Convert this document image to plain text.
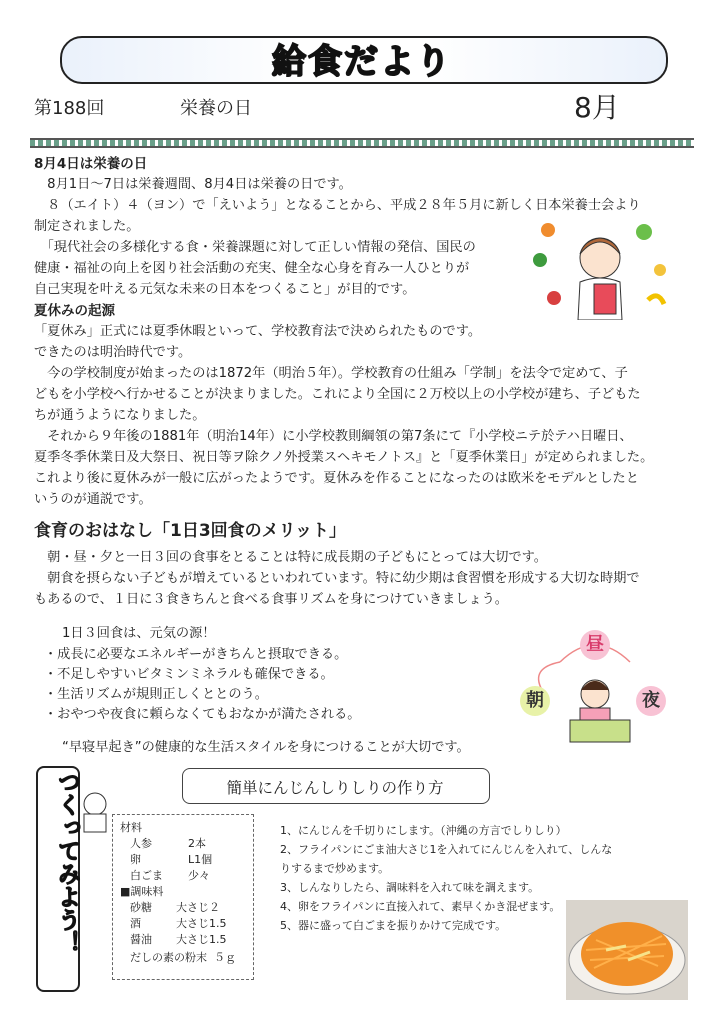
給食だより
第188回	栄養の日	8月
8月4日は栄養の日
　8月1日〜7日は栄養週間、8月4日は栄養の日です。
　８（エイト）４（ヨン）で「えいよう」となることから、平成２８年５月に新しく日本栄養士会より
制定されました。
　「現代社会の多様化する食・栄養課題に対して正しい情報の発信、国民の
健康・福祉の向上を図り社会活動の充実、健全な心身を育み一人ひとりが
自己実現を叶える元気な未来の日本をつくること」が目的です。
夏休みの起源
「夏休み」正式には夏季休暇といって、学校教育法で決められたものです。
できたのは明治時代です。
　今の学校制度が始まったのは1872年（明治５年）。学校教育の仕組み「学制」を法令で定めて、子
どもを小学校へ行かせることが決まりました。これにより全国に２万校以上の小学校が建ち、子どもた
ちが通うようになりました。
　それから９年後の1881年（明治14年）に小学校教則綱領の第7条にて『小学校ニテ於テハ日曜日、
夏季冬季休業日及大祭日、祝日等ヲ除クノ外授業スヘキモノトス』と「夏季休業日」が定められました。
これより後に夏休みが一般に広がったようです。夏休みを作ることになったのは欧米をモデルとしたと
いうのが通説です。
食育のおはなし「1日3回食のメリット」
　朝・昼・夕と一日３回の食事をとることは特に成長期の子どもにとっては大切です。
　朝食を摂らない子どもが増えているといわれています。特に幼少期は食習慣を形成する大切な時期で
もあるので、１日に３食きちんと食べる食事リズムを身につけていきましょう。
1日３回食は、元気の源！
・成長に必要なエネルギーがきちんと摂取できる。
・不足しやすいビタミンミネラルも確保できる。
・生活リズムが規則正しくととのう。
・おやつや夜食に頼らなくてもおなかが満たされる。
“早寝早起き”の健康的な生活スタイルを身につけることが大切です。
昼
朝	夜
つくってみよう！	簡単にんじんしりしりの作り方
材料
人参	2本
卵	L1個
白ごま 少々
■調味料
砂糖 大さじ２
酒	大さじ1.5
醤油 大さじ1.5
だしの素の粉末 ５ｇ
1、にんじんを千切りにします。（沖縄の方言でしりしり）
2、フライパンにごま油大さじ1を入れてにんじんを入れて、しんな
りするまで炒めます。
3、しんなりしたら、調味料を入れて味を調えます。
4、卵をフライパンに直接入れて、素早くかき混ぜます。
5、器に盛って白ごまを振りかけて完成です。
